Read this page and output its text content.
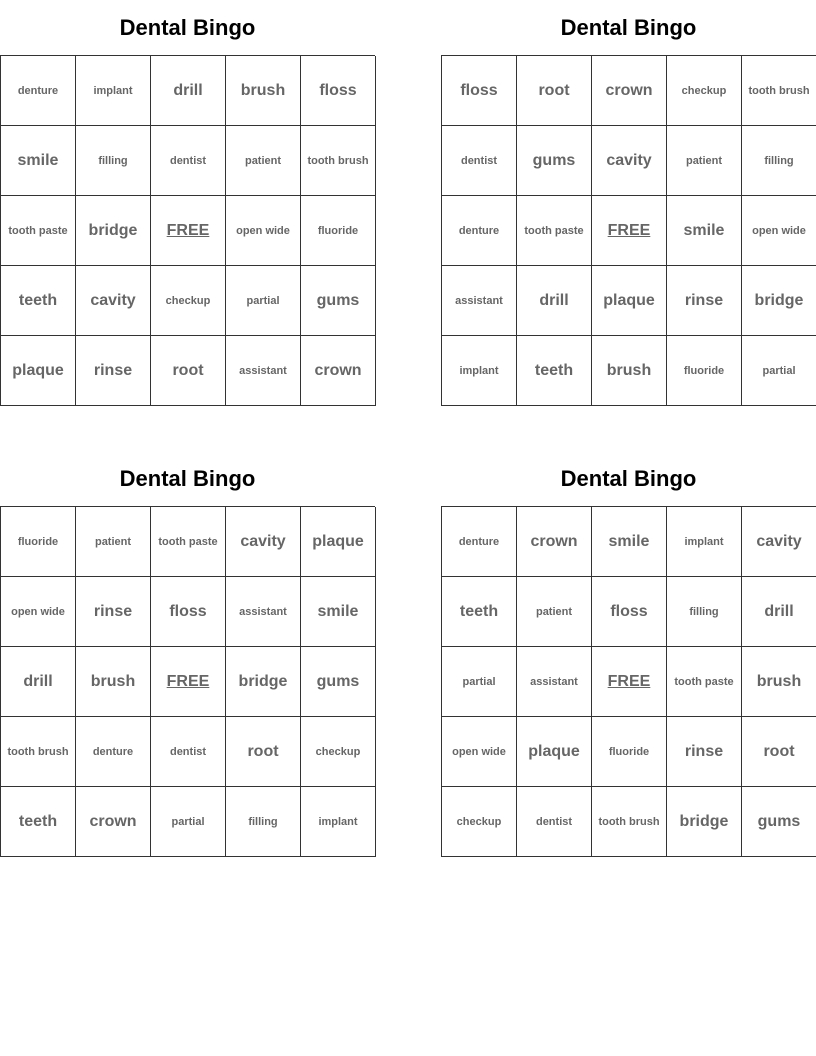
Dental Bingo
denture	implant	drill	brush	floss
smile	filling	dentist	patient	tooth brush
tooth paste	bridge	FREE	open wide	fluoride
teeth	cavity	checkup	partial	gums
plaque	rinse	root	assistant	crown
Dental Bingo
floss	root	crown	checkup	tooth brush
dentist	gums	cavity	patient	filling
denture	tooth paste	FREE	smile	open wide
assistant	drill	plaque	rinse	bridge
implant	teeth	brush	fluoride	partial
Dental Bingo
fluoride	patient	tooth paste	cavity	plaque
open wide	rinse	floss	assistant	smile
drill	brush	FREE	bridge	gums
tooth brush	denture	dentist	root	checkup
teeth	crown	partial	filling	implant
Dental Bingo
denture	crown	smile	implant	cavity
teeth	patient	floss	filling	drill
partial	assistant	FREE	tooth paste	brush
open wide	plaque	fluoride	rinse	root
checkup	dentist	tooth brush	bridge	gums
